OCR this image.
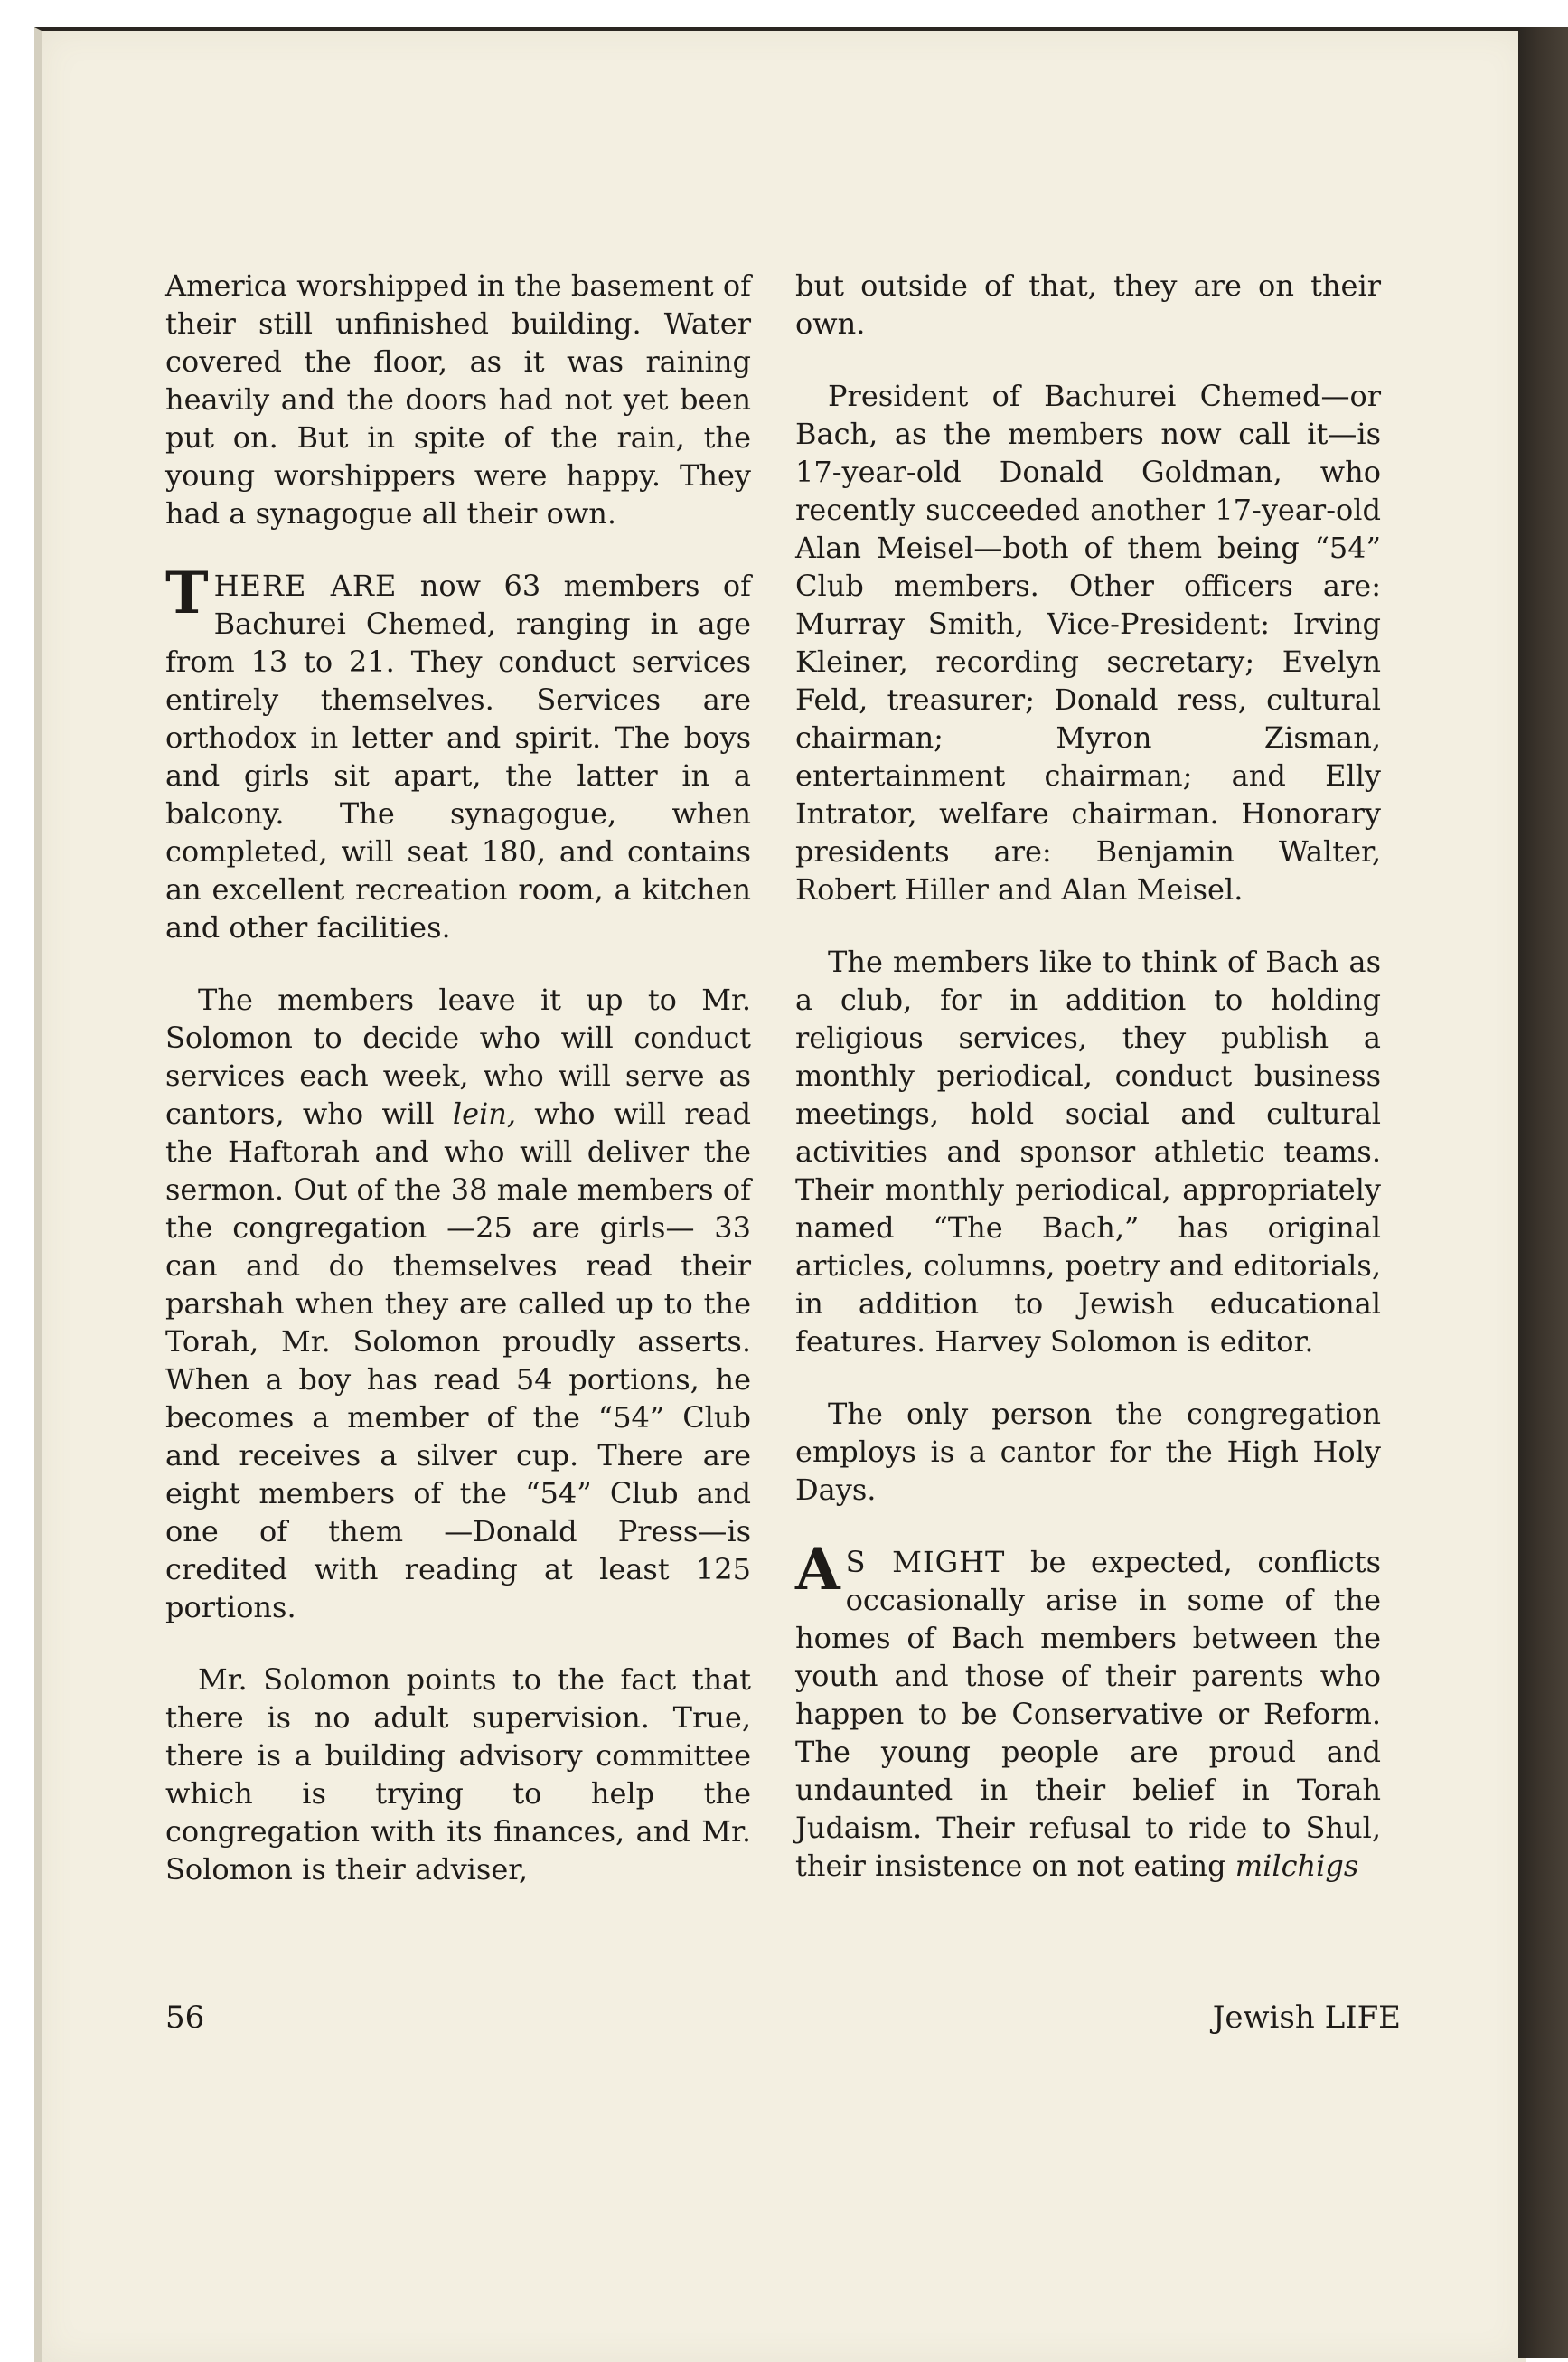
America worshipped in the basement of their still unfinished building. Water covered the floor, as it was raining heavily and the doors had not yet been put on. But in spite of the rain, the young worshippers were happy. They had a synagogue all their own.

THERE ARE now 63 members of Bachurei Chemed, ranging in age from 13 to 21. They conduct services entirely themselves. Services are orthodox in letter and spirit. The boys and girls sit apart, the latter in a balcony. The synagogue, when completed, will seat 180, and contains an excellent recreation room, a kitchen and other facilities.

The members leave it up to Mr. Solomon to decide who will conduct services each week, who will serve as cantors, who will lein, who will read the Haftorah and who will deliver the sermon. Out of the 38 male members of the congregation —25 are girls— 33 can and do themselves read their parshah when they are called up to the Torah, Mr. Solomon proudly asserts. When a boy has read 54 portions, he becomes a member of the “54” Club and receives a silver cup. There are eight members of the “54” Club and one of them —Donald Press—is credited with reading at least 125 portions.

Mr. Solomon points to the fact that there is no adult supervision. True, there is a building advisory committee which is trying to help the congregation with its finances, and Mr. Solomon is their adviser,

but outside of that, they are on their own.

President of Bachurei Chemed—or Bach, as the members now call it—is 17-year-old Donald Goldman, who recently succeeded another 17-year-old Alan Meisel—both of them being “54” Club members. Other officers are: Murray Smith, Vice-President: Irving Kleiner, recording secretary; Evelyn Feld, treasurer; Donald ress, cultural chairman; Myron Zisman, entertainment chairman; and Elly Intrator, welfare chairman. Honorary presidents are: Benjamin Walter, Robert Hiller and Alan Meisel.

The members like to think of Bach as a club, for in addition to holding religious services, they publish a monthly periodical, conduct business meetings, hold social and cultural activities and sponsor athletic teams. Their monthly periodical, appropriately named “The Bach,” has original articles, columns, poetry and editorials, in addition to Jewish educational features. Harvey Solomon is editor.

The only person the congregation employs is a cantor for the High Holy Days.

A S MIGHT be expected, conflicts occasionally arise in some of the homes of Bach members between the youth and those of their parents who happen to be Conservative or Reform. The young people are proud and undaunted in their belief in Torah Judaism. Their refusal to ride to Shul, their insistence on not eating milchigs

56	Jewish LIFE
